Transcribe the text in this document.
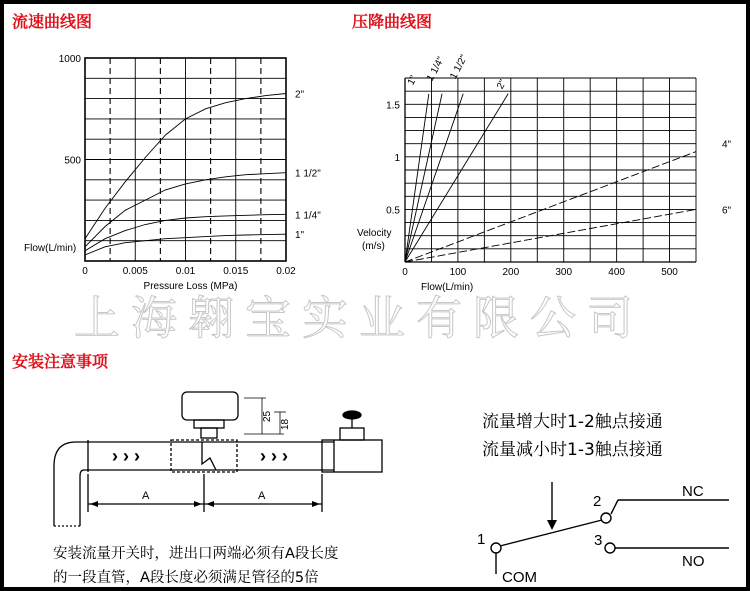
流速曲线图	压降曲线图
安装注意事项
上海翱宝实业有限公司
2"
1 1/2"
1 1/4"
1"
0	0.005	0.01	0.015	0.02
1000
500
Pressure Loss (MPa)
Flow(L/min)
1" 1 1/4" 1 1/2"
2"
4"
6"
0	100	200	300	400	500
1.5
1
0.5
Velocity
(m/s)
Flow(L/min)
› › ›	› › ›
A	A
25
18
安装流量开关时，进出口两端必须有A段长度
的一段直管，A段长度必须满足管径的5倍
流量增大时1-2触点接通
流量减小时1-3触点接通
1
2
3
COM
NC
NO
